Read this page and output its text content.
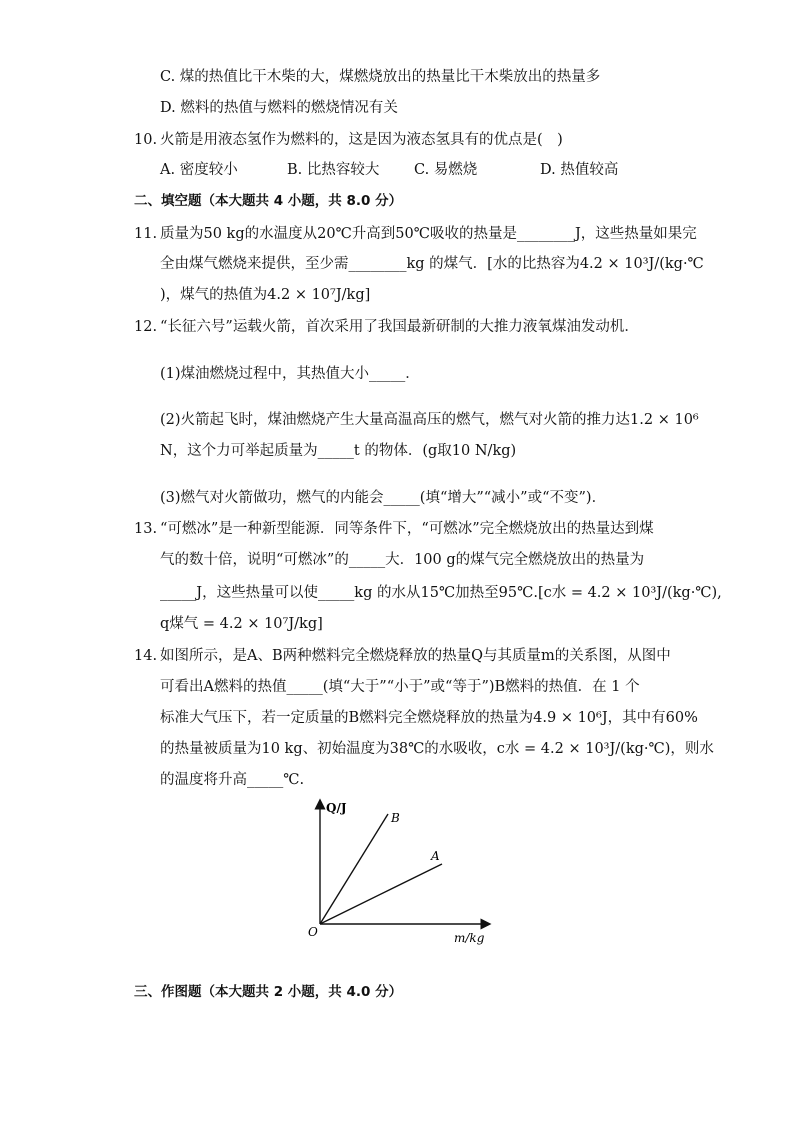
C. 煤的热值比干木柴的大，煤燃烧放出的热量比干木柴放出的热量多
D. 燃料的热值与燃料的燃烧情况有关
10. 火箭是用液态氢作为燃料的，这是因为液态氢具有的优点是(　)
A. 密度较小	B. 比热容较大 C. 易燃烧	D. 热值较高
二、填空题（本大题共 4 小题，共 8.0 分）
11. 质量为50 kg的水温度从20℃升高到50℃吸收的热量是________J，这些热量如果完
全由煤气燃烧来提供，至少需________kg 的煤气．[水的比热容为4.2 × 10³J/(kg·℃
)，煤气的热值为4.2 × 10⁷J/kg]
12. “长征六号”运载火箭，首次采用了我国最新研制的大推力液氧煤油发动机．
(1)煤油燃烧过程中，其热值大小_____．
(2)火箭起飞时，煤油燃烧产生大量高温高压的燃气，燃气对火箭的推力达1.2 × 10⁶
N，这个力可举起质量为_____t 的物体．(g取10 N/kg)
(3)燃气对火箭做功，燃气的内能会_____(填“增大”“减小”或“不变”)．
13. “可燃冰”是一种新型能源．同等条件下，“可燃冰”完全燃烧放出的热量达到煤
气的数十倍，说明“可燃冰”的_____大．100 g的煤气完全燃烧放出的热量为
_____J，这些热量可以使_____kg 的水从15℃加热至95℃.[c水 = 4.2 × 10³J/(kg·℃),
q煤气 = 4.2 × 10⁷J/kg]
14. 如图所示，是A、B两种燃料完全燃烧释放的热量Q与其质量m的关系图，从图中
可看出A燃料的热值_____(填“大于”“小于”或“等于”)B燃料的热值．在 1 个
标准大气压下，若一定质量的B燃料完全燃烧释放的热量为4.9 × 10⁶J，其中有60%
的热量被质量为10 kg、初始温度为38℃的水吸收，c水 = 4.2 × 10³J/(kg·℃)，则水
的温度将升高_____℃.
Q/J
m/kg
O
B
A
三、作图题（本大题共 2 小题，共 4.0 分）
